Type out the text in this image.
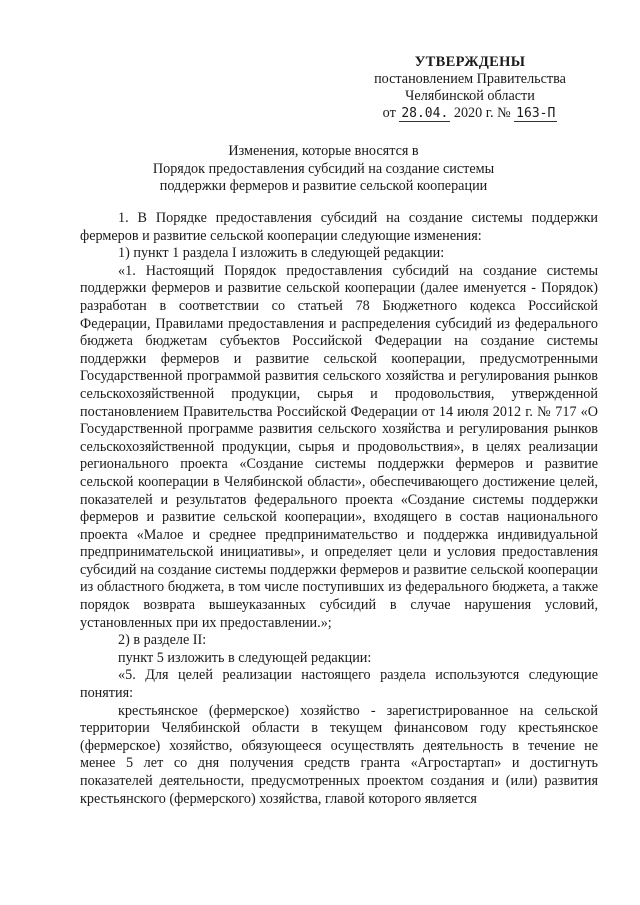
УТВЕРЖДЕНЫ
постановлением Правительства
Челябинской области
от 28.04. 2020 г. № 163-П
Изменения, которые вносятся в
Порядок предоставления субсидий на создание системы
поддержки фермеров и развитие сельской кооперации

1. В Порядке предоставления субсидий на создание системы поддержки фермеров и развитие сельской кооперации следующие изменения:

1) пункт 1 раздела I изложить в следующей редакции:

«1. Настоящий Порядок предоставления субсидий на создание системы поддержки фермеров и развитие сельской кооперации (далее именуется - Порядок) разработан в соответствии со статьей 78 Бюджетного кодекса Российской Федерации, Правилами предоставления и распределения субсидий из федерального бюджета бюджетам субъектов Российской Федерации на создание системы поддержки фермеров и развитие сельской кооперации, предусмотренными Государственной программой развития сельского хозяйства и регулирования рынков сельскохозяйственной продукции, сырья и продовольствия, утвержденной постановлением Правительства Российской Федерации от 14 июля 2012 г. № 717 «О Государственной программе развития сельского хозяйства и регулирования рынков сельскохозяйственной продукции, сырья и продовольствия», в целях реализации регионального проекта «Создание системы поддержки фермеров и развитие сельской кооперации в Челябинской области», обеспечивающего достижение целей, показателей и результатов федерального проекта «Создание системы поддержки фермеров и развитие сельской кооперации», входящего в состав национального проекта «Малое и среднее предпринимательство и поддержка индивидуальной предпринимательской инициативы», и определяет цели и условия предоставления субсидий на создание системы поддержки фермеров и развитие сельской кооперации из областного бюджета, в том числе поступивших из федерального бюджета, а также порядок возврата вышеуказанных субсидий в случае нарушения условий, установленных при их предоставлении.»;

2) в разделе II:

пункт 5 изложить в следующей редакции:

«5. Для целей реализации настоящего раздела используются следующие понятия:

крестьянское (фермерское) хозяйство - зарегистрированное на сельской территории Челябинской области в текущем финансовом году крестьянское (фермерское) хозяйство, обязующееся осуществлять деятельность в течение не менее 5 лет со дня получения средств гранта «Агростартап» и достигнуть показателей деятельности, предусмотренных проектом создания и (или) развития крестьянского (фермерского) хозяйства, главой которого является
